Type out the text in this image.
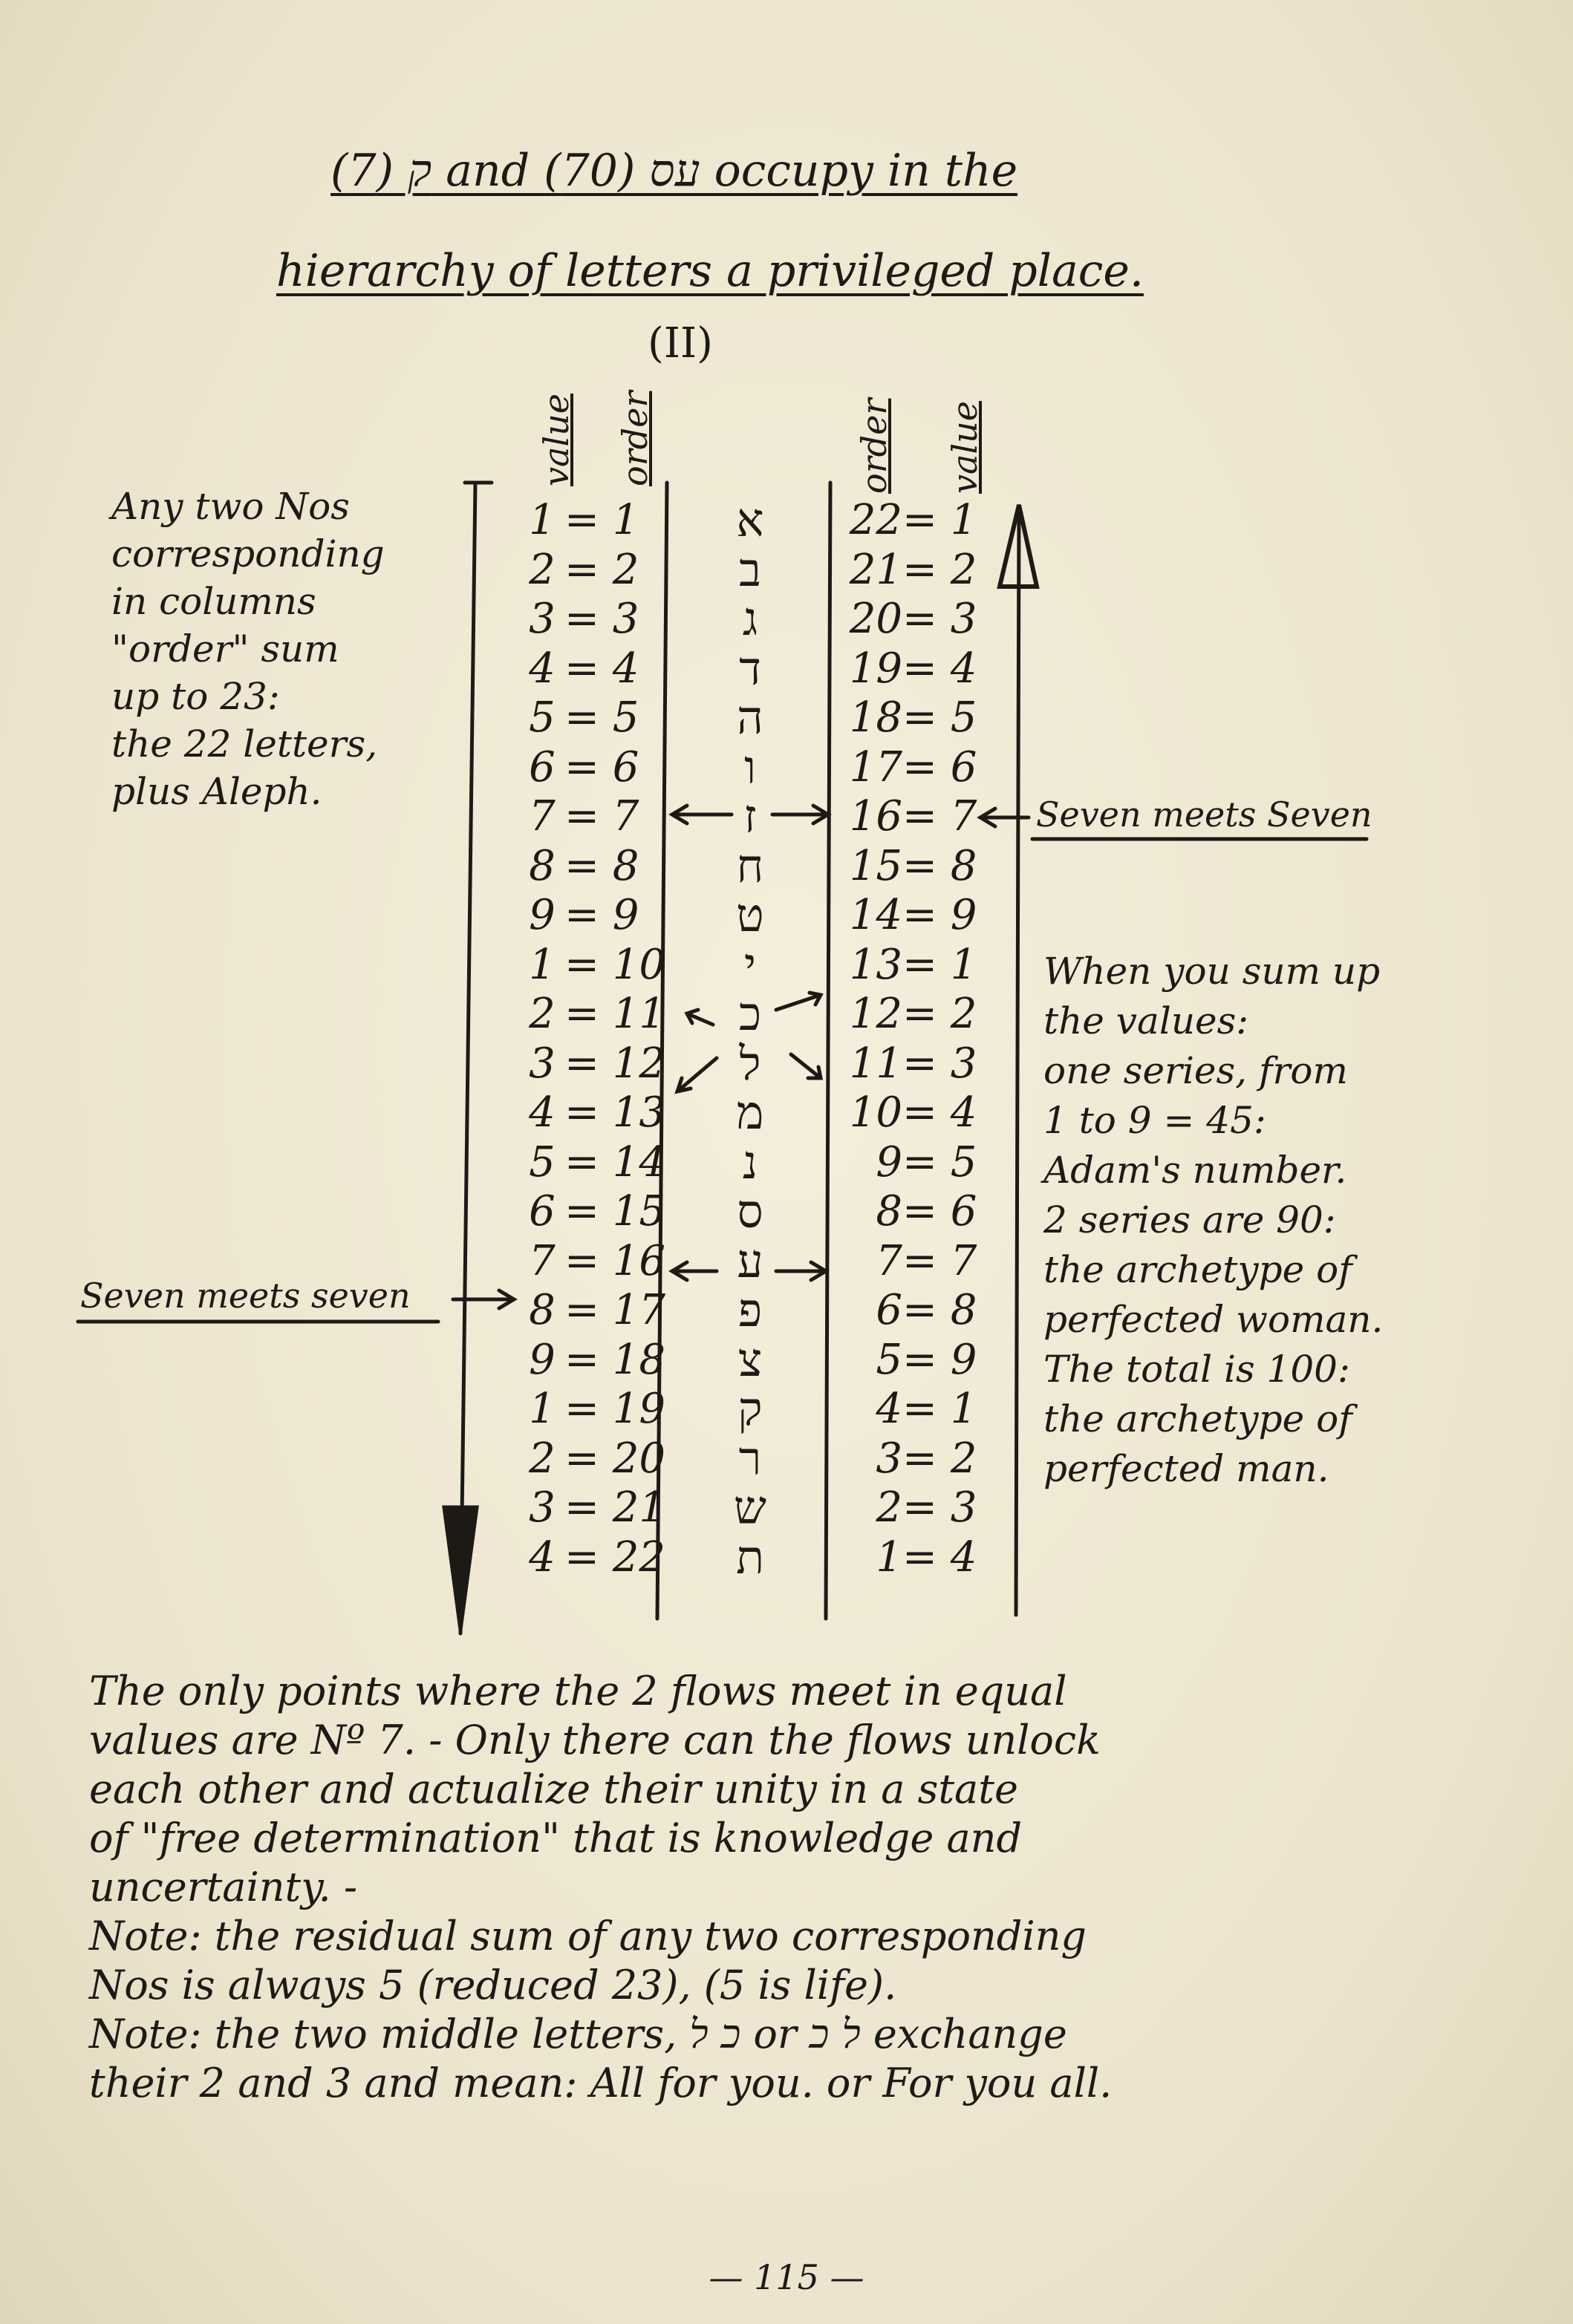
ק (7) and עס (70) occupy in the
hierarchy of letters a privileged place.
(II)
value order	order value
1
2
3
4
5
6
7
8
9
1
2
3
4
5
6
7
8
9
1
2
3
4
= 1
= 2
= 3
= 4
= 5
= 6
= 7
= 8
= 9
= 10
= 11
= 12
= 13
= 14
= 15
= 16
= 17
= 18
= 19
= 20
= 21
= 22
א
ב
ג
ד
ה
ו
ז
ח
ט
י
כ
ל
מ
נ
ס
ע
פ
צ
ק
ר
ש
ת
22
21
20
19
18
17
16
15
14
13
12
11
10
9
8
7
6
5
4
3
2
1
= 1
= 2
= 3
= 4
= 5
= 6
= 7
= 8
= 9
= 1
= 2
= 3
= 4
= 5
= 6
= 7
= 8
= 9
= 1
= 2
= 3
= 4
Any two Nos
corresponding
in columns
"order" sum
up to 23:
the 22 letters,
plus Aleph.
Seven meets Seven
Seven meets seven
When you sum up
the values:
one series, from
1 to 9 = 45:
Adam's number.
2 series are 90:
the archetype of
perfected woman.
The total is 100:
the archetype of
perfected man.
The only points where the 2 flows meet in equal
values are Nº 7. - Only there can the flows unlock
each other and actualize their unity in a state
of "free determination" that is knowledge and
uncertainty. -
Note: the residual sum of any two corresponding
Nos is always 5 (reduced 23), (5 is life).
Note: the two middle letters, כ ל or ל כ exchange
their 2 and 3 and mean: All for you. or For you all.
— 115 —
